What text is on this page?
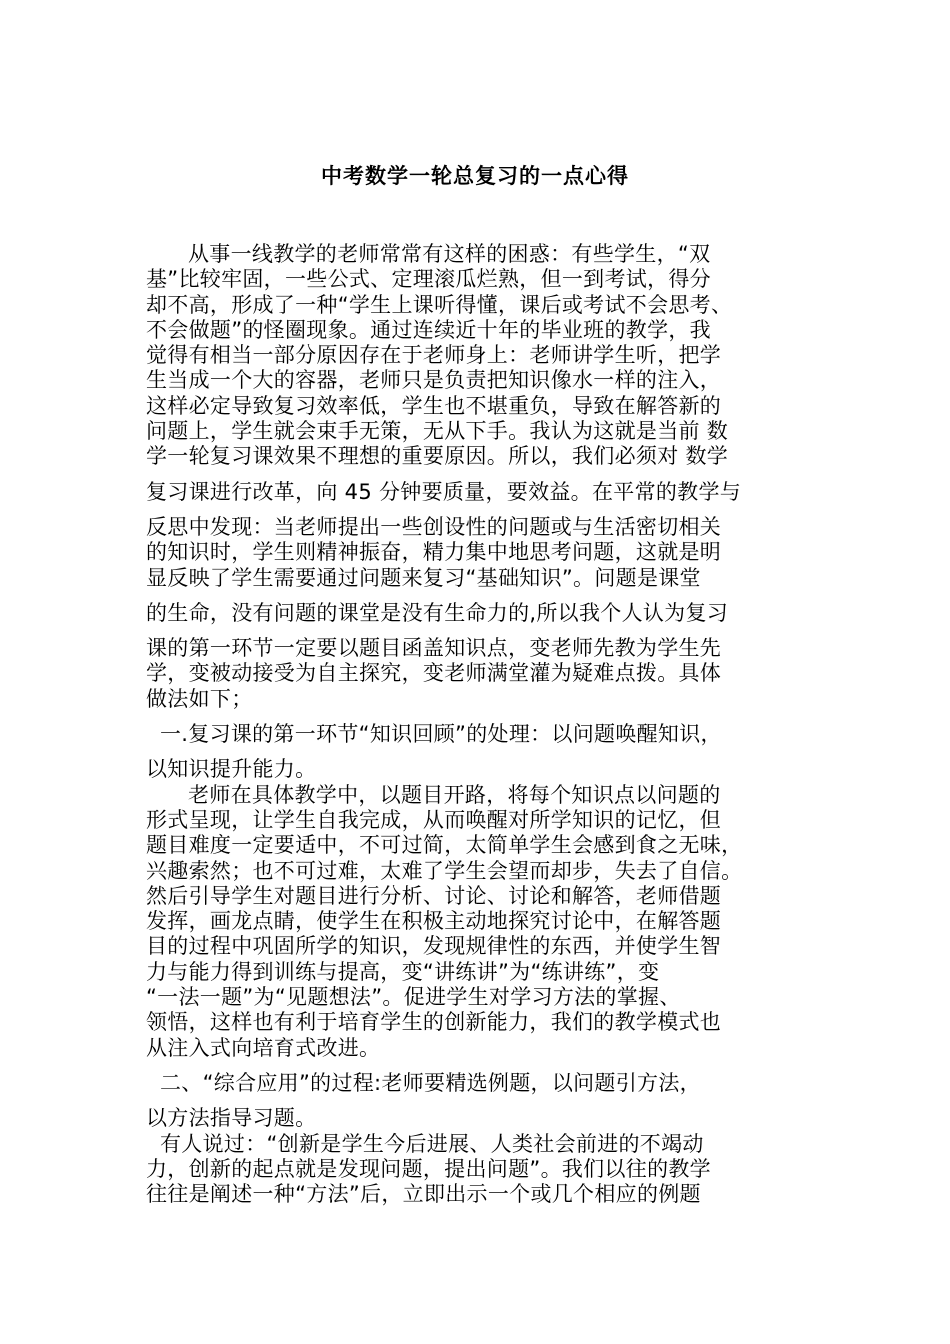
中考数学一轮总复习的一点心得
从事一线教学的老师常常有这样的困惑：有些学生，“双
基”比较牢固，一些公式、定理滚瓜烂熟，但一到考试，得分
却不高，形成了一种“学生上课听得懂，课后或考试不会思考、
不会做题”的怪圈现象。通过连续近十年的毕业班的教学，我
觉得有相当一部分原因存在于老师身上：老师讲学生听，把学
生当成一个大的容器，老师只是负责把知识像水一样的注入，
这样必定导致复习效率低，学生也不堪重负，导致在解答新的
问题上，学生就会束手无策，无从下手。我认为这就是当前 数
学一轮复习课效果不理想的重要原因。所以，我们必须对 数学
复习课进行改革，向 45 分钟要质量，要效益。在平常的教学与
反思中发现：当老师提出一些创设性的问题或与生活密切相关
的知识时，学生则精神振奋，精力集中地思考问题，这就是明
显反映了学生需要通过问题来复习“基础知识”。问题是课堂
的生命，没有问题的课堂是没有生命力的,所以我个人认为复习
课的第一环节一定要以题目函盖知识点，变老师先教为学生先
学，变被动接受为自主探究，变老师满堂灌为疑难点拨。具体
做法如下；
一.复习课的第一环节“知识回顾”的处理：以问题唤醒知识，
以知识提升能力。
老师在具体教学中，以题目开路，将每个知识点以问题的
形式呈现，让学生自我完成，从而唤醒对所学知识的记忆，但
题目难度一定要适中，不可过简，太简单学生会感到食之无味，
兴趣索然；也不可过难，太难了学生会望而却步，失去了自信。
然后引导学生对题目进行分析、讨论、讨论和解答，老师借题
发挥，画龙点睛，使学生在积极主动地探究讨论中，在解答题
目的过程中巩固所学的知识，发现规律性的东西，并使学生智
力与能力得到训练与提高，变“讲练讲”为“练讲练”，变
“一法一题”为“见题想法”。促进学生对学习方法的掌握、
领悟，这样也有利于培育学生的创新能力，我们的教学模式也
从注入式向培育式改进。
二、“综合应用”的过程:老师要精选例题，以问题引方法，
以方法指导习题。
有人说过：“创新是学生今后进展、人类社会前进的不竭动
力，创新的起点就是发现问题，提出问题”。我们以往的教学
往往是阐述一种“方法”后，立即出示一个或几个相应的例题
